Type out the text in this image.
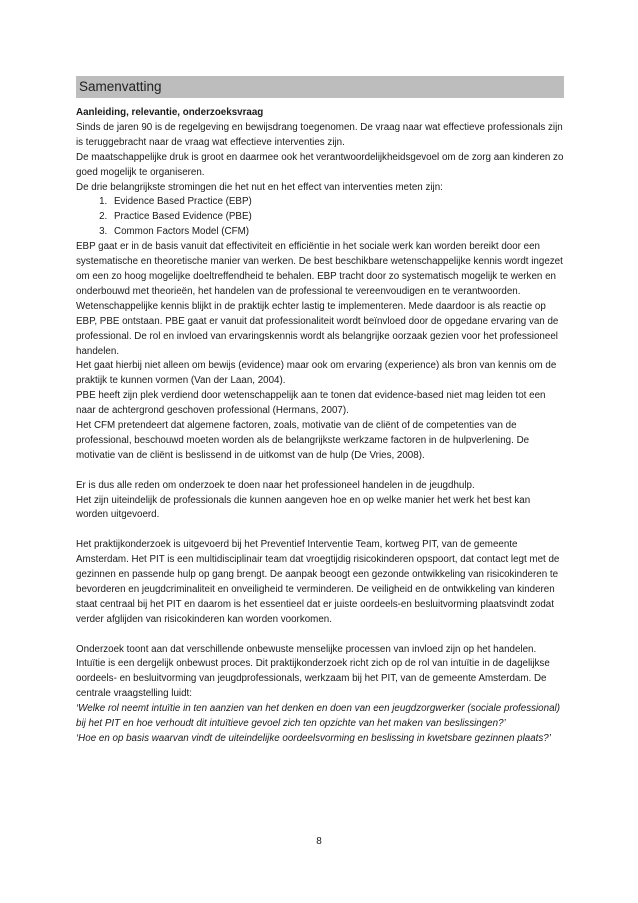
Samenvatting

Aanleiding, relevantie, onderzoeksvraag

Sinds de jaren 90 is de regelgeving en bewijsdrang toegenomen. De vraag naar wat effectieve professionals zijn is teruggebracht naar de vraag wat effectieve interventies zijn.

De maatschappelijke druk is groot en daarmee ook het verantwoordelijkheidsgevoel om de zorg aan kinderen zo goed mogelijk te organiseren.

De drie belangrijkste stromingen die het nut en het effect van interventies meten zijn:

1. Evidence Based Practice (EBP)
2. Practice Based Evidence (PBE)
3. Common Factors Model (CFM)

EBP gaat er in de basis vanuit dat effectiviteit en efficiëntie in het sociale werk kan worden bereikt door een systematische en theoretische manier van werken. De best beschikbare wetenschappelijke kennis wordt ingezet om een zo hoog mogelijke doeltreffendheid te behalen. EBP tracht door zo systematisch mogelijk te werken en onderbouwd met theorieën, het handelen van de professional te vereenvoudigen en te verantwoorden. Wetenschappelijke kennis blijkt in de praktijk echter lastig te implementeren. Mede daardoor is als reactie op EBP, PBE ontstaan. PBE gaat er vanuit dat professionaliteit wordt beïnvloed door de opgedane ervaring van de professional. De rol en invloed van ervaringskennis wordt als belangrijke oorzaak gezien voor het professioneel handelen.

Het gaat hierbij niet alleen om bewijs (evidence) maar ook om ervaring (experience) als bron van kennis om de praktijk te kunnen vormen (Van der Laan, 2004).

PBE heeft zijn plek verdiend door wetenschappelijk aan te tonen dat evidence-based niet mag leiden tot een naar de achtergrond geschoven professional (Hermans, 2007).

Het CFM pretendeert dat algemene factoren, zoals, motivatie van de cliënt of de competenties van de professional, beschouwd moeten worden als de belangrijkste werkzame factoren in de hulpverlening. De motivatie van de cliënt is beslissend in de uitkomst van de hulp (De Vries, 2008).

Er is dus alle reden om onderzoek te doen naar het professioneel handelen in de jeugdhulp.

Het zijn uiteindelijk de professionals die kunnen aangeven hoe en op welke manier het werk het best kan worden uitgevoerd.

Het praktijkonderzoek is uitgevoerd bij het Preventief Interventie Team, kortweg PIT, van de gemeente Amsterdam. Het PIT is een multidisciplinair team dat vroegtijdig risicokinderen opspoort, dat contact legt met de gezinnen en passende hulp op gang brengt. De aanpak beoogt een gezonde ontwikkeling van risicokinderen te bevorderen en jeugdcriminaliteit en onveiligheid te verminderen. De veiligheid en de ontwikkeling van kinderen staat centraal bij het PIT en daarom is het essentieel dat er juiste oordeels-en besluitvorming plaatsvindt zodat verder afglijden van risicokinderen kan worden voorkomen.

Onderzoek toont aan dat verschillende onbewuste menselijke processen van invloed zijn op het handelen. Intuïtie is een dergelijk onbewust proces. Dit praktijkonderzoek richt zich op de rol van intuïtie in de dagelijkse oordeels- en besluitvorming van jeugdprofessionals, werkzaam bij het PIT, van de gemeente Amsterdam. De centrale vraagstelling luidt:

‘Welke rol neemt intuïtie in ten aanzien van het denken en doen van een jeugdzorgwerker (sociale professional) bij het PIT en hoe verhoudt dit intuïtieve gevoel zich ten opzichte van het maken van beslissingen?’

‘Hoe en op basis waarvan vindt de uiteindelijke oordeelsvorming en beslissing in kwetsbare gezinnen plaats?’

8
